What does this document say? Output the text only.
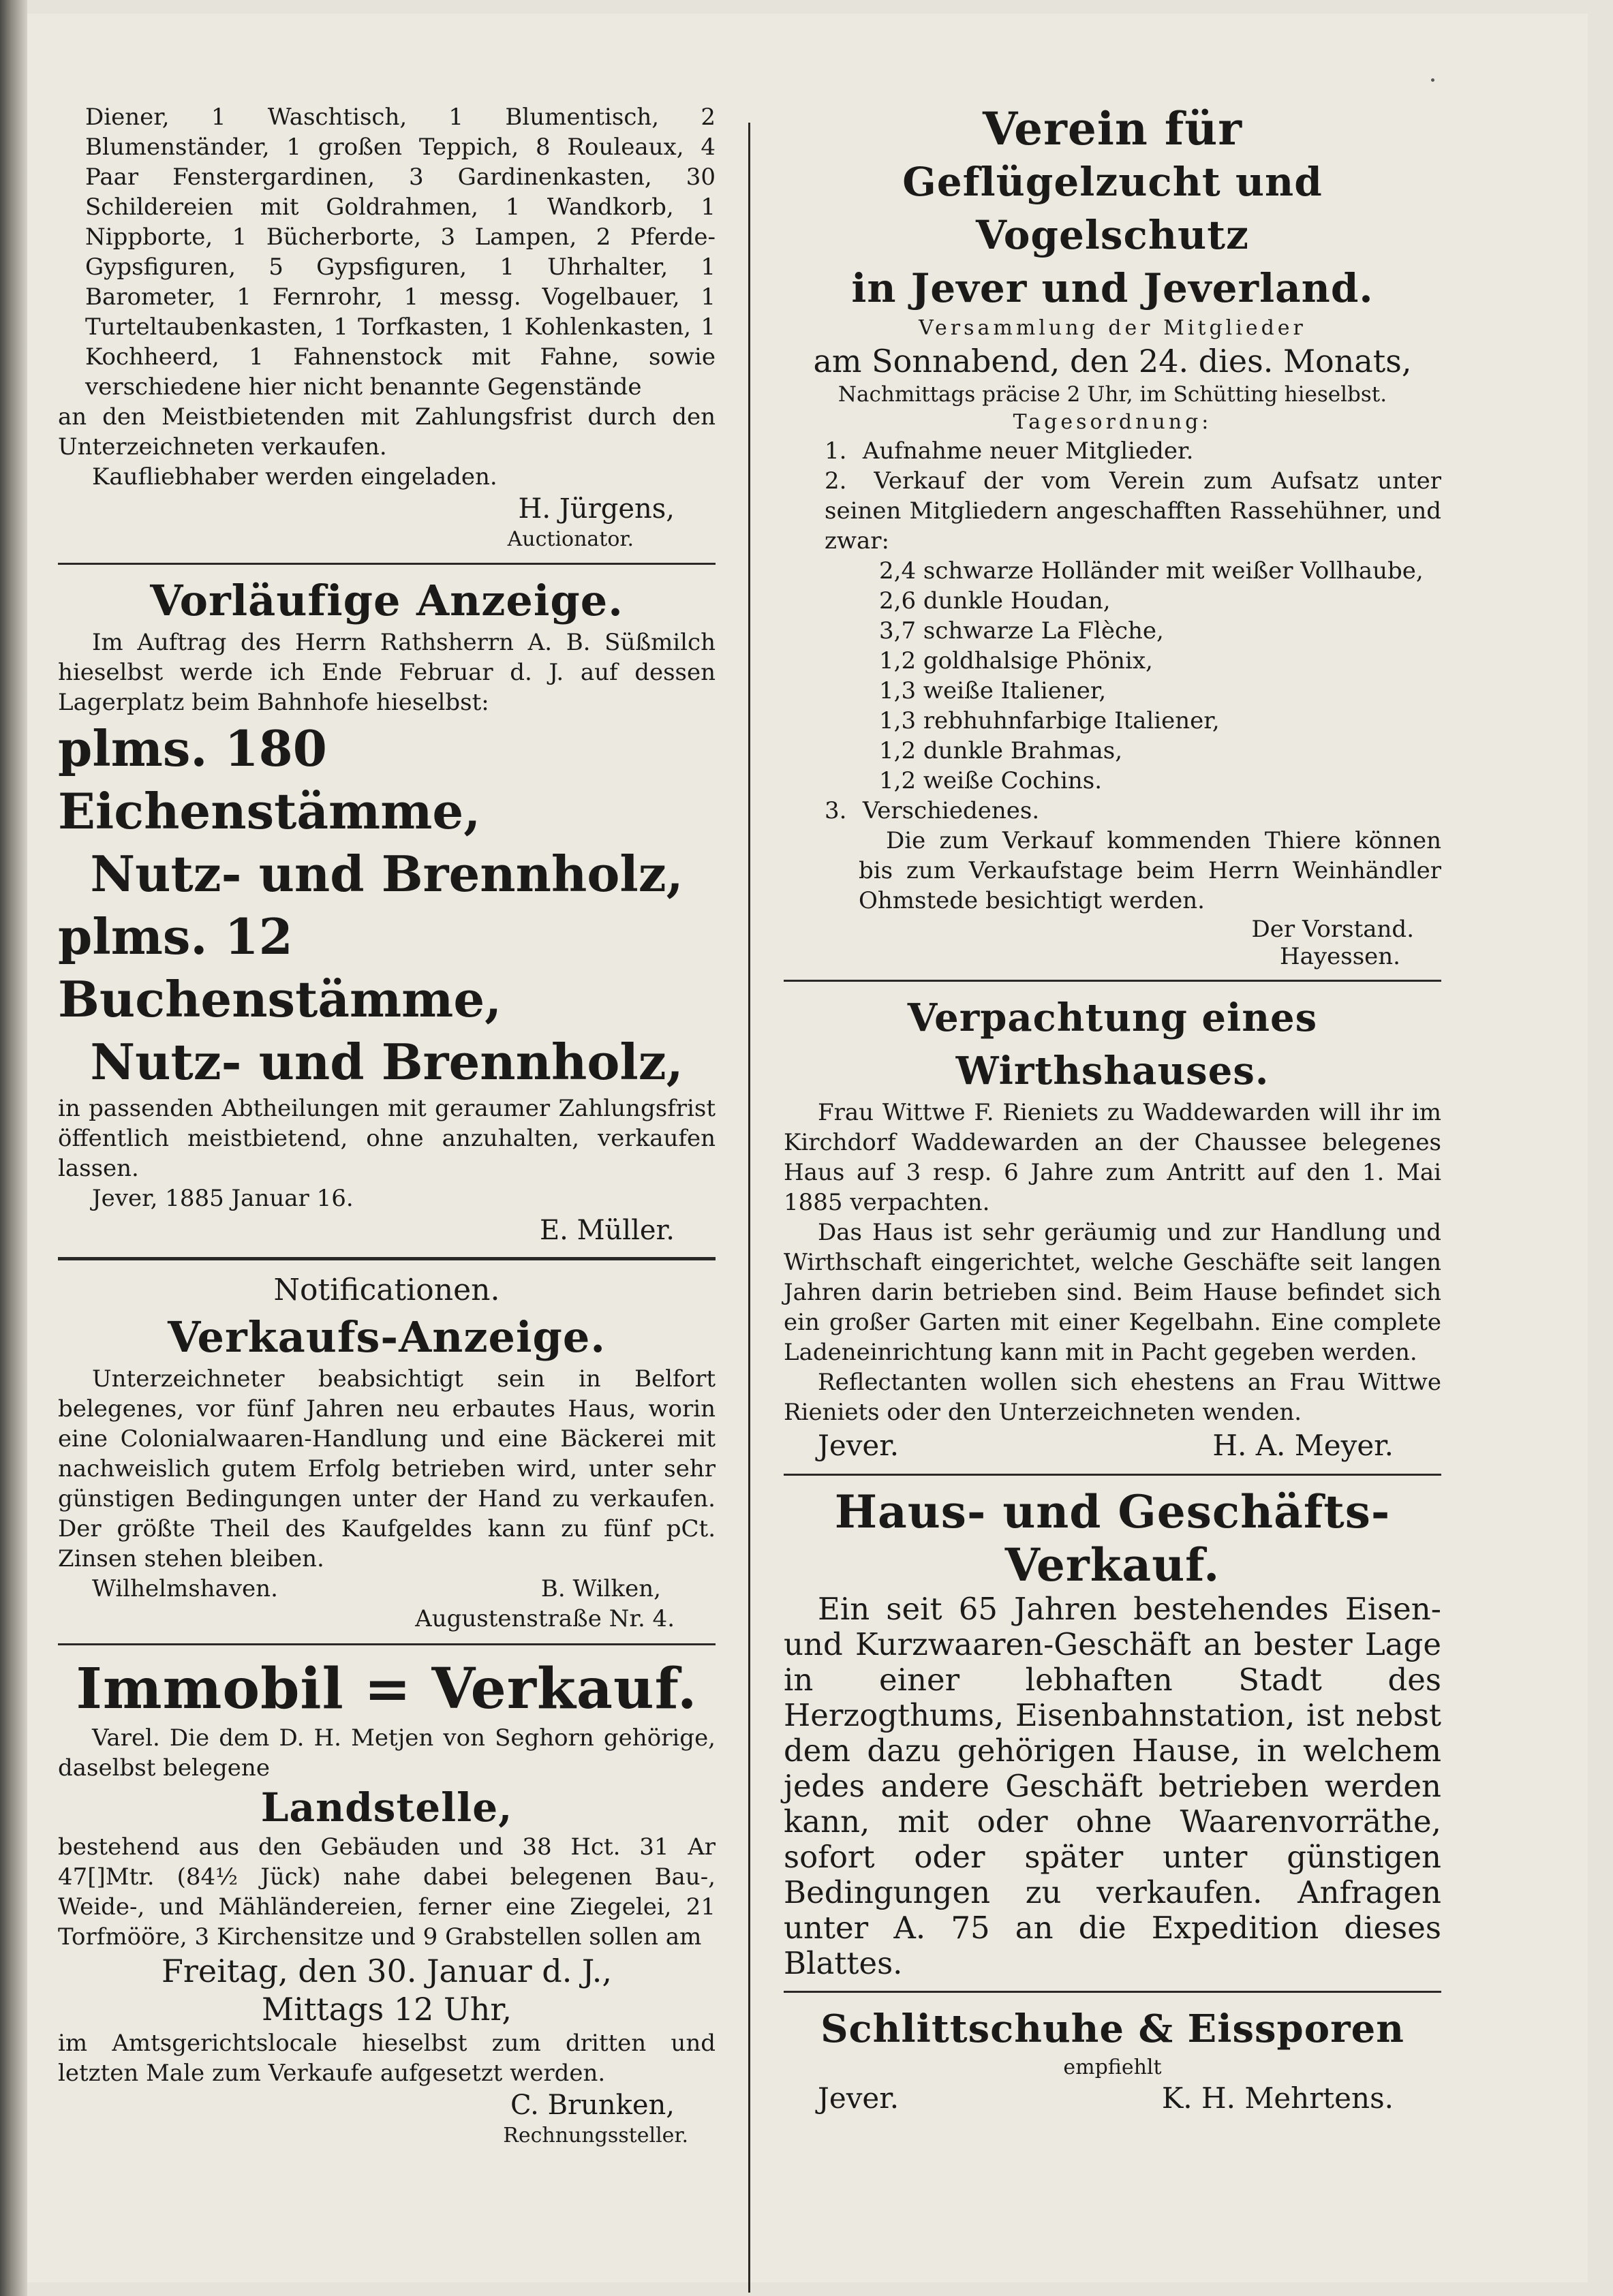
Diener, 1 Waschtisch, 1 Blumentisch, 2 Blumenständer, 1 großen Teppich, 8 Rouleaux, 4 Paar Fenstergardinen, 3 Gardinenkasten, 30 Schildereien mit Goldrahmen, 1 Wandkorb, 1 Nippborte, 1 Bücherborte, 3 Lampen, 2 Pferde-Gypsfiguren, 5 Gypsfiguren, 1 Uhrhalter, 1 Barometer, 1 Fernrohr, 1 messg. Vogelbauer, 1 Turteltaubenkasten, 1 Torfkasten, 1 Kohlenkasten, 1 Kochheerd, 1 Fahnenstock mit Fahne, sowie verschiedene hier nicht benannte Gegenstände

an den Meistbietenden mit Zahlungsfrist durch den Unterzeichneten verkaufen.

Kaufliebhaber werden eingeladen.

H. Jürgens,
Auctionator.
Vorläufige Anzeige.

Im Auftrag des Herrn Rathsherrn A. B. Süßmilch hieselbst werde ich Ende Februar d. J. auf dessen Lagerplatz beim Bahnhofe hieselbst:

plms. 180 Eichenstämme,
Nutz- und Brennholz,
plms. 12 Buchenstämme,
Nutz- und Brennholz,

in passenden Abtheilungen mit geraumer Zahlungsfrist öffentlich meistbietend, ohne anzuhalten, verkaufen lassen.

Jever, 1885 Januar 16.

E. Müller.
Notificationen.
Verkaufs-Anzeige.

Unterzeichneter beabsichtigt sein in Belfort belegenes, vor fünf Jahren neu erbautes Haus, worin eine Colonialwaaren-Handlung und eine Bäckerei mit nachweislich gutem Erfolg betrieben wird, unter sehr günstigen Bedingungen unter der Hand zu verkaufen. Der größte Theil des Kaufgeldes kann zu fünf pCt. Zinsen stehen bleiben.

Wilhelmshaven.	B. Wilken,
Augustenstraße Nr. 4.
Immobil = Verkauf.

Varel. Die dem D. H. Metjen von Seghorn gehörige, daselbst belegene

Landstelle,

bestehend aus den Gebäuden und 38 Hct. 31 Ar 47[]Mtr. (84½ Jück) nahe dabei belegenen Bau-, Weide-, und Mähländereien, ferner eine Ziegelei, 21 Torfmööre, 3 Kirchensitze und 9 Grabstellen sollen am

Freitag, den 30. Januar d. J.,
Mittags 12 Uhr,

im Amtsgerichtslocale hieselbst zum dritten und letzten Male zum Verkaufe aufgesetzt werden.

C. Brunken,
Rechnungssteller.
Verein für
Geflügelzucht und Vogelschutz
in Jever und Jeverland.
Versammlung der Mitglieder
am Sonnabend, den 24. dies. Monats,
Nachmittags präcise 2 Uhr, im Schütting hieselbst.
Tagesordnung:

1. Aufnahme neuer Mitglieder.

2. Verkauf der vom Verein zum Aufsatz unter seinen Mitgliedern angeschafften Rassehühner, und zwar:

2,4 schwarze Holländer mit weißer Vollhaube,

2,6 dunkle Houdan,

3,7 schwarze La Flèche,

1,2 goldhalsige Phönix,

1,3 weiße Italiener,

1,3 rebhuhnfarbige Italiener,

1,2 dunkle Brahmas,

1,2 weiße Cochins.

3. Verschiedenes.

Die zum Verkauf kommenden Thiere können bis zum Verkaufstage beim Herrn Weinhändler Ohmstede besichtigt werden.

Der Vorstand.
Hayessen.
Verpachtung eines Wirthshauses.

Frau Wittwe F. Rieniets zu Waddewarden will ihr im Kirchdorf Waddewarden an der Chaussee belegenes Haus auf 3 resp. 6 Jahre zum Antritt auf den 1. Mai 1885 verpachten.

Das Haus ist sehr geräumig und zur Handlung und Wirthschaft eingerichtet, welche Geschäfte seit langen Jahren darin betrieben sind. Beim Hause befindet sich ein großer Garten mit einer Kegelbahn. Eine complete Ladeneinrichtung kann mit in Pacht gegeben werden.

Reflectanten wollen sich ehestens an Frau Wittwe Rieniets oder den Unterzeichneten wenden.

Jever.	H. A. Meyer.
Haus- und Geschäfts-
Verkauf.

Ein seit 65 Jahren bestehendes Eisen- und Kurzwaaren-Geschäft an bester Lage in einer lebhaften Stadt des Herzogthums, Eisenbahnstation, ist nebst dem dazu gehörigen Hause, in welchem jedes andere Geschäft betrieben werden kann, mit oder ohne Waarenvorräthe, sofort oder später unter günstigen Bedingungen zu verkaufen. Anfragen unter A. 75 an die Expedition dieses Blattes.

Schlittschuhe & Eissporen
empfiehlt
Jever.	K. H. Mehrtens.
